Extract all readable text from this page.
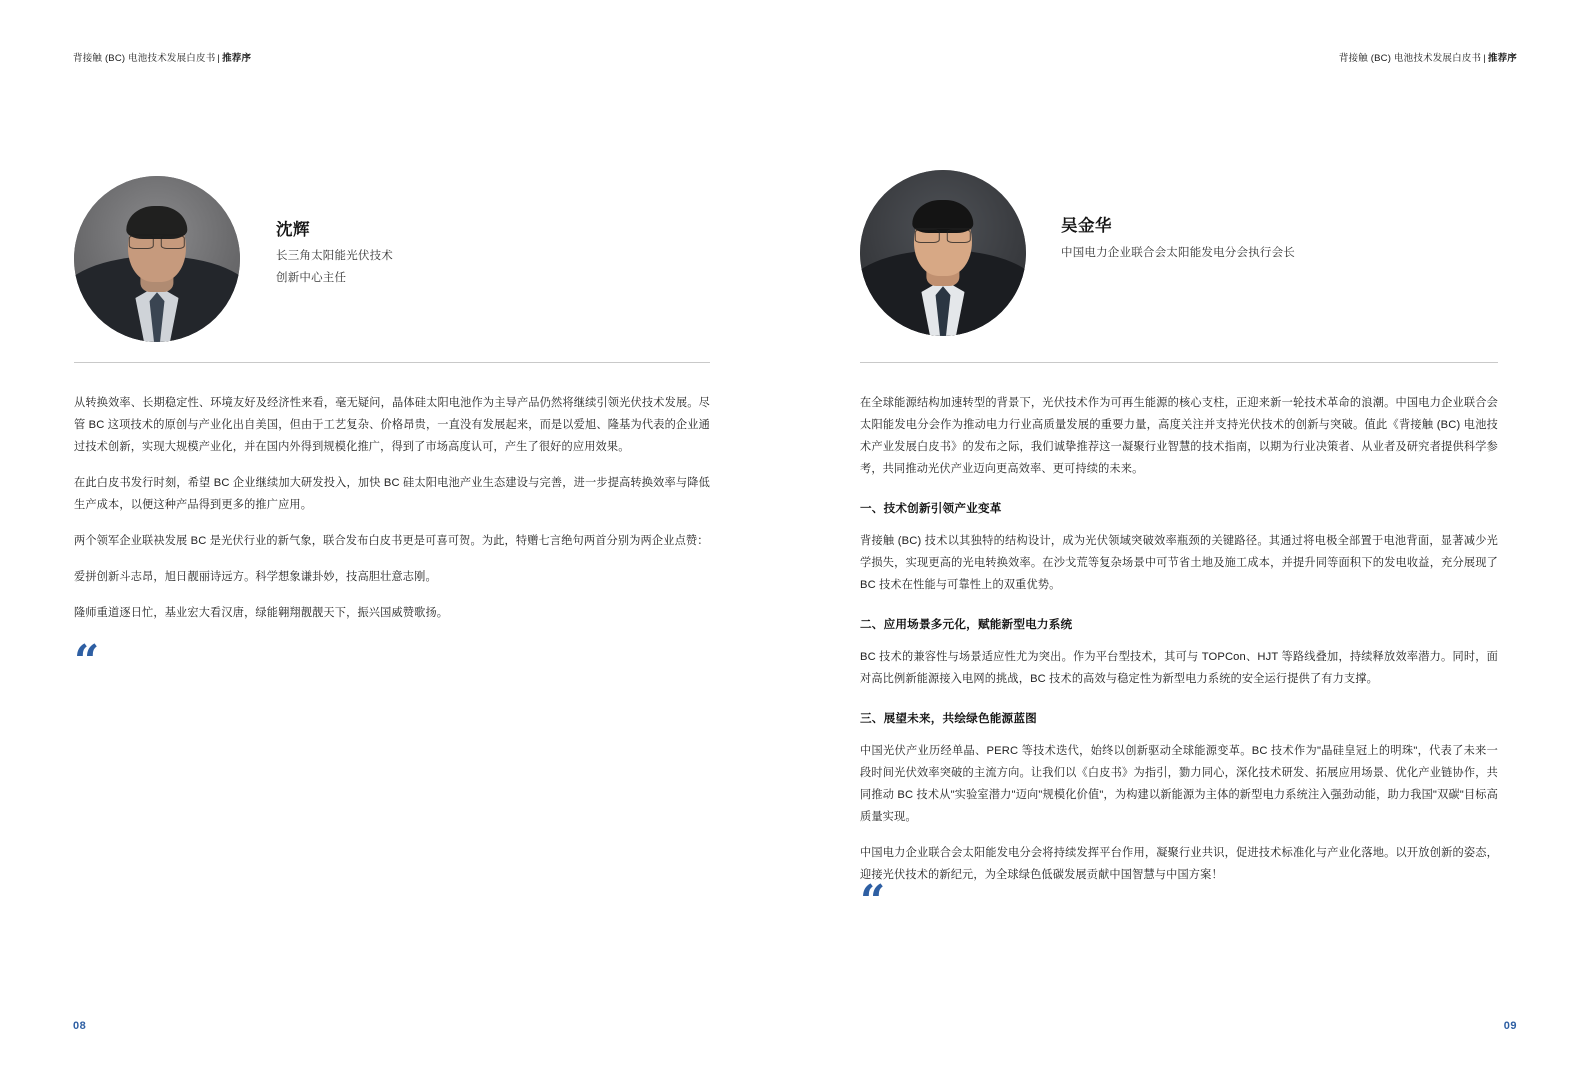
背接触 (BC) 电池技术发展白皮书 | 推荐序
沈辉
长三角太阳能光伏技术
创新中心主任

从转换效率、长期稳定性、环境友好及经济性来看，毫无疑问，晶体硅太阳电池作为主导产品仍然将继续引领光伏技术发展。尽管 BC 这项技术的原创与产业化出自美国，但由于工艺复杂、价格昂贵，一直没有发展起来，而是以爱旭、隆基为代表的企业通过技术创新，实现大规模产业化，并在国内外得到规模化推广，得到了市场高度认可，产生了很好的应用效果。

在此白皮书发行时刻，希望 BC 企业继续加大研发投入，加快 BC 硅太阳电池产业生态建设与完善，进一步提高转换效率与降低生产成本，以便这种产品得到更多的推广应用。

两个领军企业联袂发展 BC 是光伏行业的新气象，联合发布白皮书更是可喜可贺。为此，特赠七言绝句两首分别为两企业点赞：

爱拼创新斗志昂，旭日靓丽诗远方。科学想象谦卦妙，技高胆壮意志刚。

隆师重道逐日忙，基业宏大看汉唐，绿能翱翔靓靓天下，振兴国威赞歌扬。

“
08
背接触 (BC) 电池技术发展白皮书 | 推荐序
吴金华
中国电力企业联合会太阳能发电分会执行会长

在全球能源结构加速转型的背景下，光伏技术作为可再生能源的核心支柱，正迎来新一轮技术革命的浪潮。中国电力企业联合会太阳能发电分会作为推动电力行业高质量发展的重要力量，高度关注并支持光伏技术的创新与突破。值此《背接触 (BC) 电池技术产业发展白皮书》的发布之际，我们诚挚推荐这一凝聚行业智慧的技术指南，以期为行业决策者、从业者及研究者提供科学参考，共同推动光伏产业迈向更高效率、更可持续的未来。

一、技术创新引领产业变革

背接触 (BC) 技术以其独特的结构设计，成为光伏领域突破效率瓶颈的关键路径。其通过将电极全部置于电池背面，显著减少光学损失，实现更高的光电转换效率。在沙戈荒等复杂场景中可节省土地及施工成本，并提升同等面积下的发电收益，充分展现了 BC 技术在性能与可靠性上的双重优势。

二、应用场景多元化，赋能新型电力系统

BC 技术的兼容性与场景适应性尤为突出。作为平台型技术，其可与 TOPCon、HJT 等路线叠加，持续释放效率潜力。同时，面对高比例新能源接入电网的挑战，BC 技术的高效与稳定性为新型电力系统的安全运行提供了有力支撑。

三、展望未来，共绘绿色能源蓝图

中国光伏产业历经单晶、PERC 等技术迭代，始终以创新驱动全球能源变革。BC 技术作为"晶硅皇冠上的明珠"，代表了未来一段时间光伏效率突破的主流方向。让我们以《白皮书》为指引，勠力同心，深化技术研发、拓展应用场景、优化产业链协作，共同推动 BC 技术从"实验室潜力"迈向"规模化价值"，为构建以新能源为主体的新型电力系统注入强劲动能，助力我国"双碳"目标高质量实现。

中国电力企业联合会太阳能发电分会将持续发挥平台作用，凝聚行业共识，促进技术标准化与产业化落地。以开放创新的姿态，迎接光伏技术的新纪元，为全球绿色低碳发展贡献中国智慧与中国方案！

“
09
